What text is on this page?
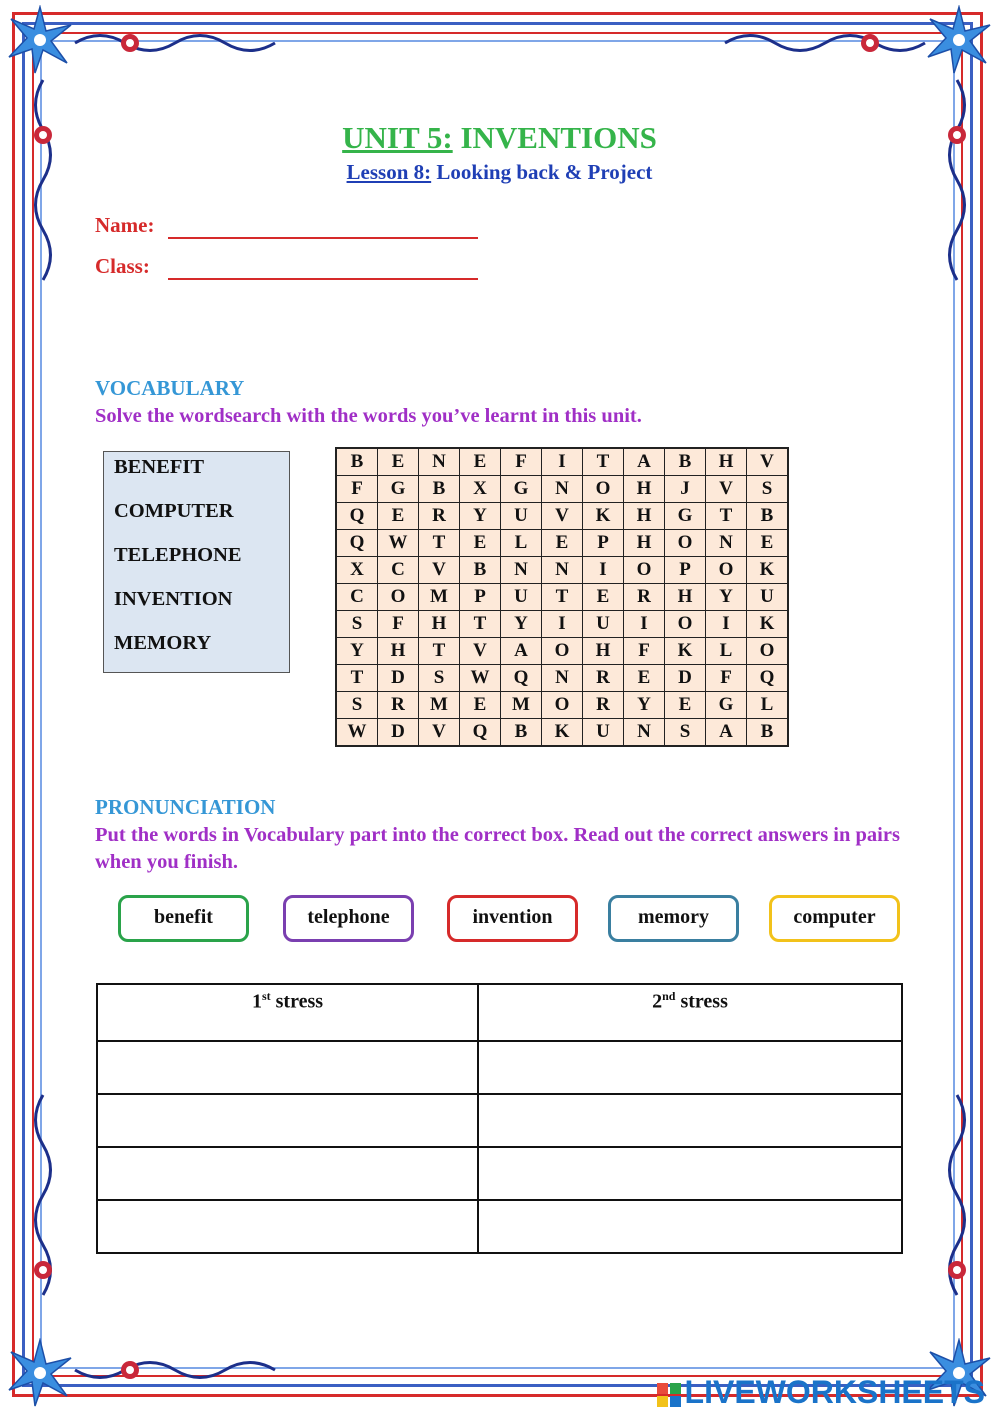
UNIT 5: INVENTIONS
Lesson 8: Looking back & Project
Name:
Class:
VOCABULARY
Solve the wordsearch with the words you’ve learnt in this unit.
BENEFIT
COMPUTER
TELEPHONE
INVENTION
MEMORY
B	E	N	E	F	I	T	A	B	H	V
F	G	B	X	G	N	O	H	J	V	S
Q	E	R	Y	U	V	K	H	G	T	B
Q	W	T	E	L	E	P	H	O	N	E
X	C	V	B	N	N	I	O	P	O	K
C	O	M	P	U	T	E	R	H	Y	U
S	F	H	T	Y	I	U	I	O	I	K
Y	H	T	V	A	O	H	F	K	L	O
T	D	S	W	Q	N	R	E	D	F	Q
S	R	M	E	M	O	R	Y	E	G	L
W	D	V	Q	B	K	U	N	S	A	B
PRONUNCIATION
Put the words in Vocabulary part into the correct box. Read out the correct answers in pairs when you finish.
benefit	telephone	invention	memory	computer
1st stress	2nd stress

LIVEWORKSHEETS
